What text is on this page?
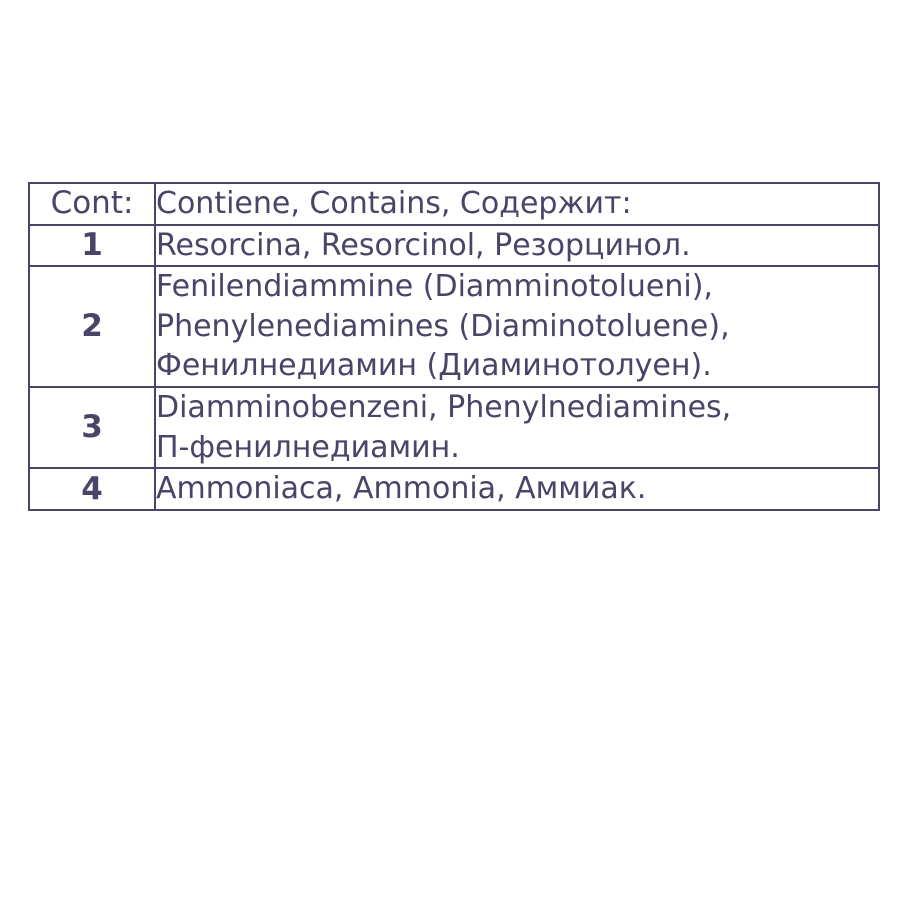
Cont:	Contiene, Contains, Содержит:

1	Resorcina, Resorcinol, Резорцинол.

2	Fenilendiammine (Diamminotolueni),
Phenylenediamines (Diaminotoluene),
Фенилнедиамин (Диаминотолуен).

3	Diamminobenzeni, Phenylnediamines,
П-фенилнедиамин.

4	Ammoniaca, Ammonia, Аммиак.
